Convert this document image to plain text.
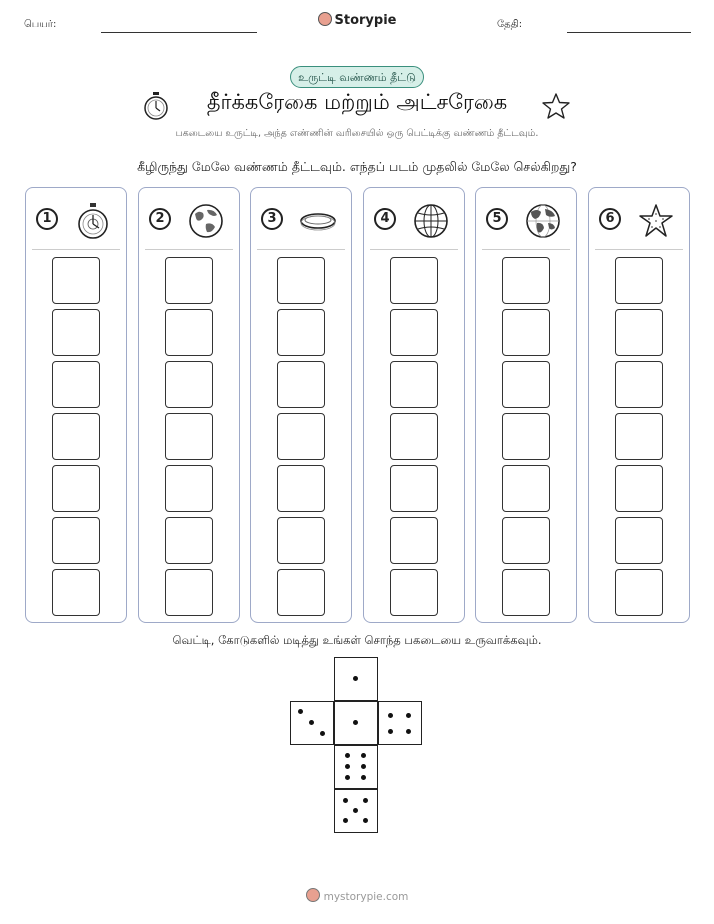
பெயர்:	Storypie	தேதி:
உருட்டி வண்ணம் தீட்டு
தீர்க்கரேகை மற்றும் அட்சரேகை
பகடையை உருட்டி, அந்த எண்ணின் வரிசையில் ஒரு பெட்டிக்கு வண்ணம் தீட்டவும்.
கீழிருந்து மேலே வண்ணம் தீட்டவும். எந்தப் படம் முதலில் மேலே செல்கிறது?
1	2	3	4	5	6
வெட்டி, கோடுகளில் மடித்து உங்கள் சொந்த பகடையை உருவாக்கவும்.
mystorypie.com
